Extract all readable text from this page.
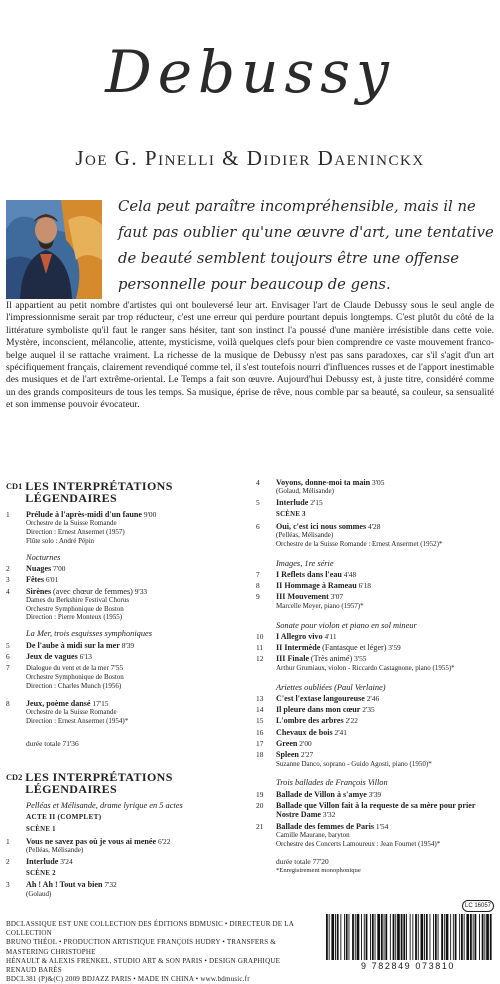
Debussy
Joe G. Pinelli & Didier Daeninckx
Cela peut paraître incompréhensible, mais il ne faut pas oublier qu'une œuvre d'art, une tentative de beauté semblent toujours être une offense personnelle pour beaucoup de gens.
Il appartient au petit nombre d'artistes qui ont bouleversé leur art. Envisager l'art de Claude Debussy sous le seul angle de l'impressionnisme serait par trop réducteur, c'est une erreur qui perdure pourtant depuis longtemps. C'est plutôt du côté de la littérature symboliste qu'il faut le ranger sans hésiter, tant son instinct l'a poussé d'une manière irrésistible dans cette voie. Mystère, inconscient, mélancolie, attente, mysticisme, voilà quelques clefs pour bien comprendre ce vaste mouvement franco-belge auquel il se rattache vraiment. La richesse de la musique de Debussy n'est pas sans paradoxes, car s'il s'agit d'un art spécifiquement français, clairement revendiqué comme tel, il s'est toutefois nourri d'influences russes et de l'apport inestimable des musiques et de l'art extrême-oriental. Le Temps a fait son œuvre. Aujourd'hui Debussy est, à juste titre, considéré comme un des grands compositeurs de tous les temps. Sa musique, éprise de rêve, nous comble par sa beauté, sa couleur, sa sensualité et son immense pouvoir évocateur.
CD1 LES INTERPRÉTATIONS LÉGENDAIRES
1	Prélude à l'après-midi d'un faune 9'00
Orchestre de la Suisse Romande
Direction : Ernest Ansermet (1957)
Flûte solo : André Pépin
Nocturnes
2	Nuages 7'00
3	Fêtes 6'01
4	Sirènes (avec chœur de femmes) 9'33
Dames du Berkshire Festival Chorus
Orchestre Symphonique de Boston
Direction : Pierre Monteux (1955)
La Mer, trois esquisses symphoniques
5	De l'aube à midi sur la mer 8'39
6	Jeux de vagues 6'13
7	Dialogue du vent et de la mer 7'55
Orchestre Symphonique de Boston
Direction : Charles Munch (1956)
8	Jeux, poème dansé 17'15
Orchestre de la Suisse Romande
Direction : Ernest Ansermet (1954)*
durée totale 71'36
CD2 LES INTERPRÉTATIONS LÉGENDAIRES
Pelléas et Mélisande, drame lyrique en 5 actes
ACTE II (COMPLET)
SCÈNE 1
1	Vous ne savez pas où je vous ai menée 6'22
(Pelléas, Mélisande)
2	Interlude 3'24
SCÈNE 2
3	Ah ! Ah ! Tout va bien 7'32
(Golaud)
4	Voyons, donne-moi ta main 3'05
(Golaud, Mélisande)
5	Interlude 2'15
SCÈNE 3
6	Oui, c'est ici nous sommes 4'28
(Pelléas, Mélisande)
Orchestre de la Suisse Romande : Ernest Ansermet (1952)*
Images, 1re série
7	I Reflets dans l'eau 4'48
8	II Hommage à Rameau 6'18
9	III Mouvement 3'07
Marcelle Meyer, piano (1957)*
Sonate pour violon et piano en sol mineur
10	I Allegro vivo 4'11
11	II Intermède (Fantasque et léger) 3'59
12	III Finale (Très animé) 3'55
Arthur Grumiaux, violon - Riccardo Castagnone, piano (1955)*
Ariettes oubliées (Paul Verlaine)
13	C'est l'extase langoureuse 2'46
14	Il pleure dans mon cœur 2'35
15	L'ombre des arbres 2'22
16	Chevaux de bois 2'41
17	Green 2'00
18	Spleen 2'27
Suzanne Danco, soprano - Guido Agosti, piano (1950)*
Trois ballades de François Villon
19	Ballade de Villon à s'amye 3'39
20	Ballade que Villon fait à la requeste de sa mère pour prier Nostre Dame 3'32
21	Ballade des femmes de Paris 1'54
Camille Maurane, baryton
Orchestre des Concerts Lamoureux : Jean Fournet (1954)*
durée totale 77'20
*Enregistrement monophonique
BDCLASSIQUE EST UNE COLLECTION DES ÉDITIONS BDMUSIC • DIRECTEUR DE LA COLLECTION
BRUNO THÉOL • PRODUCTION ARTISTIQUE FRANÇOIS HUDRY • TRANSFERS & MASTERING CHRISTOPHE
HÉNAULT & ALEXIS FRENKEL, STUDIO ART & SON PARIS • DESIGN GRAPHIQUE RENAUD BARÈS
BDCL381 (P)&(C) 2009 BDJAZZ PARIS • MADE IN CHINA • www.bdmusic.fr
LC 16057
9 782849 073810
